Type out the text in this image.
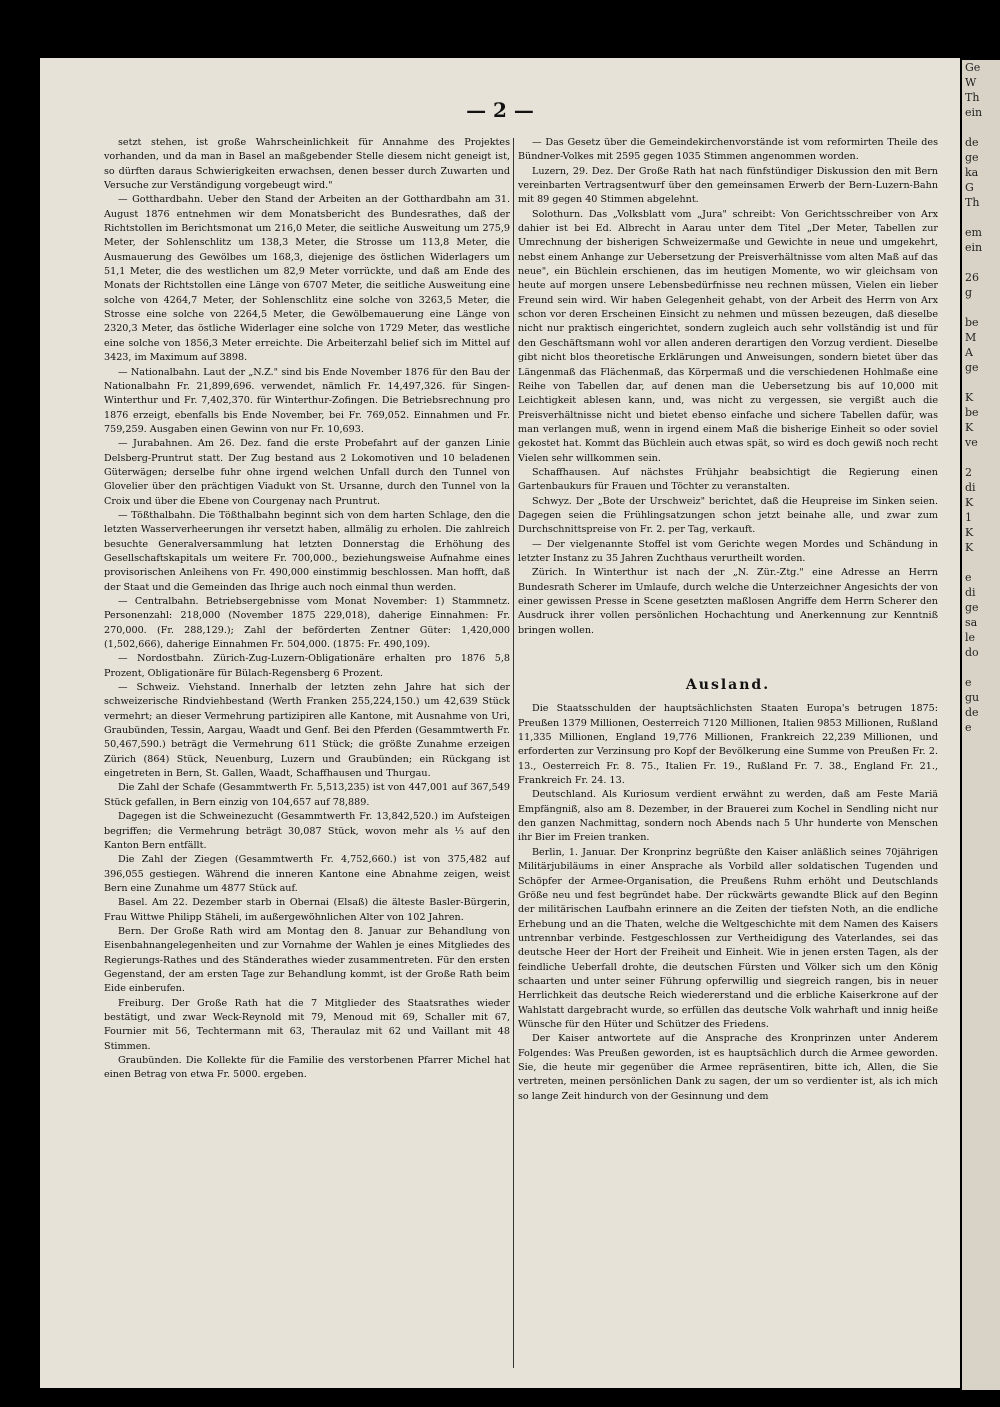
— 2 —

setzt stehen, ist große Wahrscheinlichkeit für Annahme des Projektes vorhanden, und da man in Basel an maßgebender Stelle diesem nicht geneigt ist, so dürften daraus Schwierigkeiten erwachsen, denen besser durch Zuwarten und Versuche zur Verständigung vorgebeugt wird."

— Gotthardbahn. Ueber den Stand der Arbeiten an der Gotthardbahn am 31. August 1876 entnehmen wir dem Monatsbericht des Bundesrathes, daß der Richtstollen im Berichtsmonat um 216,0 Meter, die seitliche Ausweitung um 275,9 Meter, der Sohlenschlitz um 138,3 Meter, die Strosse um 113,8 Meter, die Ausmauerung des Gewölbes um 168,3, diejenige des östlichen Widerlagers um 51,1 Meter, die des westlichen um 82,9 Meter vorrückte, und daß am Ende des Monats der Richtstollen eine Länge von 6707 Meter, die seitliche Ausweitung eine solche von 4264,7 Meter, der Sohlenschlitz eine solche von 3263,5 Meter, die Strosse eine solche von 2264,5 Meter, die Gewölbemauerung eine Länge von 2320,3 Meter, das östliche Widerlager eine solche von 1729 Meter, das westliche eine solche von 1856,3 Meter erreichte. Die Arbeiterzahl belief sich im Mittel auf 3423, im Maximum auf 3898.

— Nationalbahn. Laut der „N.Z." sind bis Ende November 1876 für den Bau der Nationalbahn Fr. 21,899,696. verwendet, nämlich Fr. 14,497,326. für Singen-Winterthur und Fr. 7,402,370. für Winterthur-Zofingen. Die Betriebsrechnung pro 1876 erzeigt, ebenfalls bis Ende November, bei Fr. 769,052. Einnahmen und Fr. 759,259. Ausgaben einen Gewinn von nur Fr. 10,693.

— Jurabahnen. Am 26. Dez. fand die erste Probefahrt auf der ganzen Linie Delsberg-Pruntrut statt. Der Zug bestand aus 2 Lokomotiven und 10 beladenen Güterwägen; derselbe fuhr ohne irgend welchen Unfall durch den Tunnel von Glovelier über den prächtigen Viadukt von St. Ursanne, durch den Tunnel von la Croix und über die Ebene von Courgenay nach Pruntrut.

— Tößthalbahn. Die Tößthalbahn beginnt sich von dem harten Schlage, den die letzten Wasserverheerungen ihr versetzt haben, allmälig zu erholen. Die zahlreich besuchte Generalversammlung hat letzten Donnerstag die Erhöhung des Gesellschaftskapitals um weitere Fr. 700,000., beziehungsweise Aufnahme eines provisorischen Anleihens von Fr. 490,000 einstimmig beschlossen. Man hofft, daß der Staat und die Gemeinden das Ihrige auch noch einmal thun werden.

— Centralbahn. Betriebsergebnisse vom Monat November: 1) Stammnetz. Personenzahl: 218,000 (November 1875 229,018), daherige Einnahmen: Fr. 270,000. (Fr. 288,129.); Zahl der beförderten Zentner Güter: 1,420,000 (1,502,666), daherige Einnahmen Fr. 504,000. (1875: Fr. 490,109).

— Nordostbahn. Zürich-Zug-Luzern-Obligationäre erhalten pro 1876 5,8 Prozent, Obligationäre für Bülach-Regensberg 6 Prozent.

— Schweiz. Viehstand. Innerhalb der letzten zehn Jahre hat sich der schweizerische Rindviehbestand (Werth Franken 255,224,150.) um 42,639 Stück vermehrt; an dieser Vermehrung partizipiren alle Kantone, mit Ausnahme von Uri, Graubünden, Tessin, Aargau, Waadt und Genf. Bei den Pferden (Gesammtwerth Fr. 50,467,590.) beträgt die Vermehrung 611 Stück; die größte Zunahme erzeigen Zürich (864) Stück, Neuenburg, Luzern und Graubünden; ein Rückgang ist eingetreten in Bern, St. Gallen, Waadt, Schaffhausen und Thurgau.

Die Zahl der Schafe (Gesammtwerth Fr. 5,513,235) ist von 447,001 auf 367,549 Stück gefallen, in Bern einzig von 104,657 auf 78,889.

Dagegen ist die Schweinezucht (Gesammtwerth Fr. 13,842,520.) im Aufsteigen begriffen; die Vermehrung beträgt 30,087 Stück, wovon mehr als ⅓ auf den Kanton Bern entfällt.

Die Zahl der Ziegen (Gesammtwerth Fr. 4,752,660.) ist von 375,482 auf 396,055 gestiegen. Während die inneren Kantone eine Abnahme zeigen, weist Bern eine Zunahme um 4877 Stück auf.

Basel. Am 22. Dezember starb in Obernai (Elsaß) die älteste Basler-Bürgerin, Frau Wittwe Philipp Stäheli, im außergewöhnlichen Alter von 102 Jahren.

Bern. Der Große Rath wird am Montag den 8. Januar zur Behandlung von Eisenbahnangelegenheiten und zur Vornahme der Wahlen je eines Mitgliedes des Regierungs-Rathes und des Ständerathes wieder zusammentreten. Für den ersten Gegenstand, der am ersten Tage zur Behandlung kommt, ist der Große Rath beim Eide einberufen.

Freiburg. Der Große Rath hat die 7 Mitglieder des Staatsrathes wieder bestätigt, und zwar Weck-Reynold mit 79, Menoud mit 69, Schaller mit 67, Fournier mit 56, Techtermann mit 63, Theraulaz mit 62 und Vaillant mit 48 Stimmen.

Graubünden. Die Kollekte für die Familie des verstorbenen Pfarrer Michel hat einen Betrag von etwa Fr. 5000. ergeben.

— Das Gesetz über die Gemeindekirchenvorstände ist vom reformirten Theile des Bündner-Volkes mit 2595 gegen 1035 Stimmen angenommen worden.

Luzern, 29. Dez. Der Große Rath hat nach fünfstündiger Diskussion den mit Bern vereinbarten Vertragsentwurf über den gemeinsamen Erwerb der Bern-Luzern-Bahn mit 89 gegen 40 Stimmen abgelehnt.

Solothurn. Das „Volksblatt vom „Jura" schreibt: Von Gerichtsschreiber von Arx dahier ist bei Ed. Albrecht in Aarau unter dem Titel „Der Meter, Tabellen zur Umrechnung der bisherigen Schweizermaße und Gewichte in neue und umgekehrt, nebst einem Anhange zur Uebersetzung der Preisverhältnisse vom alten Maß auf das neue", ein Büchlein erschienen, das im heutigen Momente, wo wir gleichsam von heute auf morgen unsere Lebensbedürfnisse neu rechnen müssen, Vielen ein lieber Freund sein wird. Wir haben Gelegenheit gehabt, von der Arbeit des Herrn von Arx schon vor deren Erscheinen Einsicht zu nehmen und müssen bezeugen, daß dieselbe nicht nur praktisch eingerichtet, sondern zugleich auch sehr vollständig ist und für den Geschäftsmann wohl vor allen anderen derartigen den Vorzug verdient. Dieselbe gibt nicht blos theoretische Erklärungen und Anweisungen, sondern bietet über das Längenmaß das Flächenmaß, das Körpermaß und die verschiedenen Hohlmaße eine Reihe von Tabellen dar, auf denen man die Uebersetzung bis auf 10,000 mit Leichtigkeit ablesen kann, und, was nicht zu vergessen, sie vergißt auch die Preisverhältnisse nicht und bietet ebenso einfache und sichere Tabellen dafür, was man verlangen muß, wenn in irgend einem Maß die bisherige Einheit so oder soviel gekostet hat. Kommt das Büchlein auch etwas spät, so wird es doch gewiß noch recht Vielen sehr willkommen sein.

Schaffhausen. Auf nächstes Frühjahr beabsichtigt die Regierung einen Gartenbaukurs für Frauen und Töchter zu veranstalten.

Schwyz. Der „Bote der Urschweiz" berichtet, daß die Heupreise im Sinken seien. Dagegen seien die Frühlingsatzungen schon jetzt beinahe alle, und zwar zum Durchschnittspreise von Fr. 2. per Tag, verkauft.

— Der vielgenannte Stoffel ist vom Gerichte wegen Mordes und Schändung in letzter Instanz zu 35 Jahren Zuchthaus verurtheilt worden.

Zürich. In Winterthur ist nach der „N. Zür.-Ztg." eine Adresse an Herrn Bundesrath Scherer im Umlaufe, durch welche die Unterzeichner Angesichts der von einer gewissen Presse in Scene gesetzten maßlosen Angriffe dem Herrn Scherer den Ausdruck ihrer vollen persönlichen Hochachtung und Anerkennung zur Kenntniß bringen wollen.

Ausland.

Die Staatsschulden der hauptsächlichsten Staaten Europa's betrugen 1875: Preußen 1379 Millionen, Oesterreich 7120 Millionen, Italien 9853 Millionen, Rußland 11,335 Millionen, England 19,776 Millionen, Frankreich 22,239 Millionen, und erforderten zur Verzinsung pro Kopf der Bevölkerung eine Summe von Preußen Fr. 2. 13., Oesterreich Fr. 8. 75., Italien Fr. 19., Rußland Fr. 7. 38., England Fr. 21., Frankreich Fr. 24. 13.

Deutschland. Als Kuriosum verdient erwähnt zu werden, daß am Feste Mariä Empfängniß, also am 8. Dezember, in der Brauerei zum Kochel in Sendling nicht nur den ganzen Nachmittag, sondern noch Abends nach 5 Uhr hunderte von Menschen ihr Bier im Freien tranken.

Berlin, 1. Januar. Der Kronprinz begrüßte den Kaiser anläßlich seines 70jährigen Militärjubiläums in einer Ansprache als Vorbild aller soldatischen Tugenden und Schöpfer der Armee-Organisation, die Preußens Ruhm erhöht und Deutschlands Größe neu und fest begründet habe. Der rückwärts gewandte Blick auf den Beginn der militärischen Laufbahn erinnere an die Zeiten der tiefsten Noth, an die endliche Erhebung und an die Thaten, welche die Weltgeschichte mit dem Namen des Kaisers untrennbar verbinde. Festgeschlossen zur Vertheidigung des Vaterlandes, sei das deutsche Heer der Hort der Freiheit und Einheit. Wie in jenen ersten Tagen, als der feindliche Ueberfall drohte, die deutschen Fürsten und Völker sich um den König schaarten und unter seiner Führung opferwillig und siegreich rangen, bis in neuer Herrlichkeit das deutsche Reich wiedererstand und die erbliche Kaiserkrone auf der Wahlstatt dargebracht wurde, so erfüllen das deutsche Volk wahrhaft und innig heiße Wünsche für den Hüter und Schützer des Friedens.

Der Kaiser antwortete auf die Ansprache des Kronprinzen unter Anderem Folgendes: Was Preußen geworden, ist es hauptsächlich durch die Armee geworden. Sie, die heute mir gegenüber die Armee repräsentiren, bitte ich, Allen, die Sie vertreten, meinen persönlichen Dank zu sagen, der um so verdienter ist, als ich mich so lange Zeit hindurch von der Gesinnung und dem

Ge
W
Th
ein

de
ge
ka
G
Th

em
ein

26
g

be
M
A
ge

K
be
K
ve

2
di
K
1
K
K

e
di
ge
sa
le
do

e
gu
de
e
